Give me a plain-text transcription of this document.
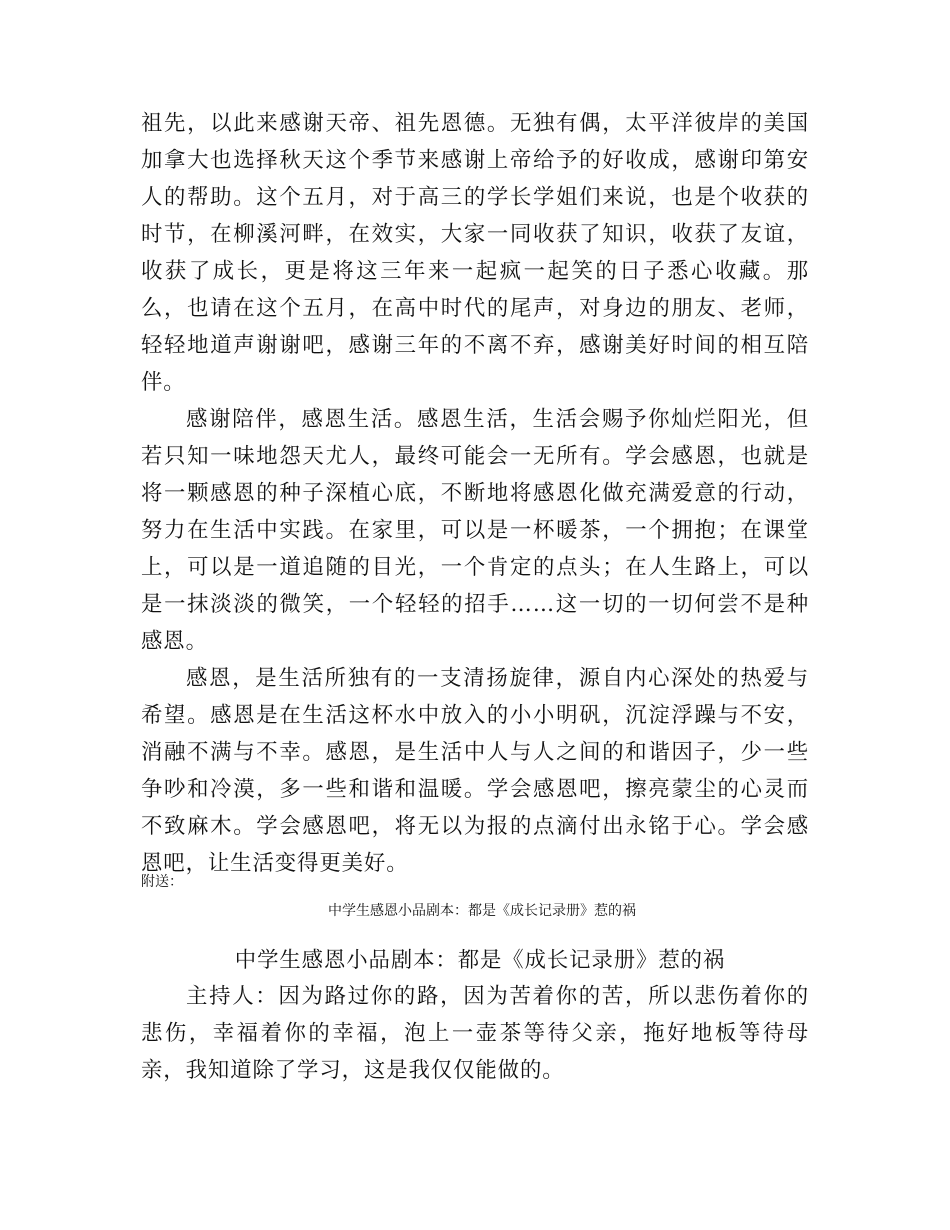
祖先，以此来感谢天帝、祖先恩德。无独有偶，太平洋彼岸的美国加拿大也选择秋天这个季节来感谢上帝给予的好收成，感谢印第安人的帮助。这个五月，对于高三的学长学姐们来说，也是个收获的时节，在柳溪河畔，在效实，大家一同收获了知识，收获了友谊，收获了成长，更是将这三年来一起疯一起笑的日子悉心收藏。那么，也请在这个五月，在高中时代的尾声，对身边的朋友、老师，轻轻地道声谢谢吧，感谢三年的不离不弃，感谢美好时间的相互陪伴。

感谢陪伴，感恩生活。感恩生活，生活会赐予你灿烂阳光，但若只知一味地怨天尤人，最终可能会一无所有。学会感恩，也就是将一颗感恩的种子深植心底，不断地将感恩化做充满爱意的行动，努力在生活中实践。在家里，可以是一杯暖茶，一个拥抱；在课堂上，可以是一道追随的目光，一个肯定的点头；在人生路上，可以是一抹淡淡的微笑，一个轻轻的招手……这一切的一切何尝不是种感恩。

感恩，是生活所独有的一支清扬旋律，源自内心深处的热爱与希望。感恩是在生活这杯水中放入的小小明矾，沉淀浮躁与不安，消融不满与不幸。感恩，是生活中人与人之间的和谐因子，少一些争吵和冷漠，多一些和谐和温暖。学会感恩吧，擦亮蒙尘的心灵而不致麻木。学会感恩吧，将无以为报的点滴付出永铭于心。学会感恩吧，让生活变得更美好。

附送：

中学生感恩小品剧本：都是《成长记录册》惹的祸

中学生感恩小品剧本：都是《成长记录册》惹的祸

主持人：因为路过你的路，因为苦着你的苦，所以悲伤着你的悲伤，幸福着你的幸福，泡上一壶茶等待父亲，拖好地板等待母亲，我知道除了学习，这是我仅仅能做的。
